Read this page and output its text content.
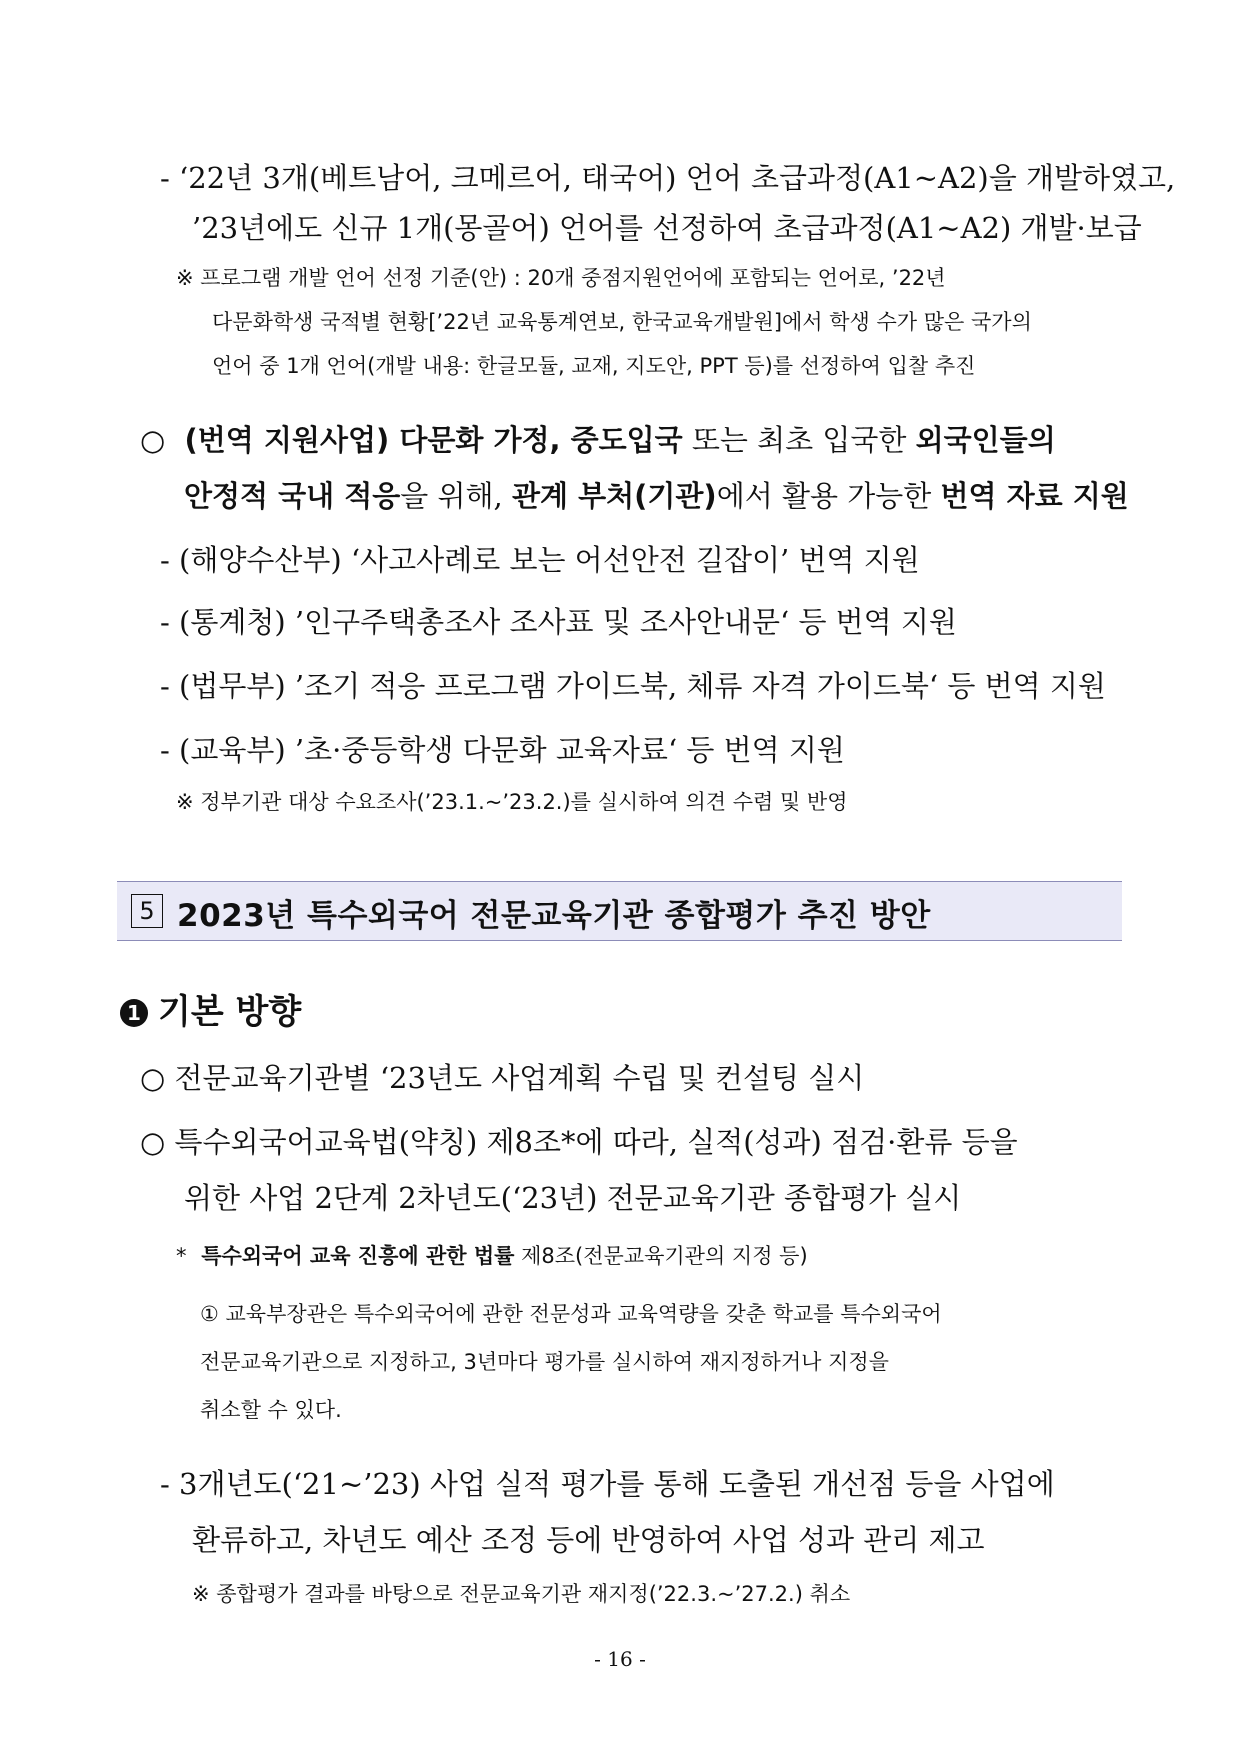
- ‘22년 3개(베트남어, 크메르어, 태국어) 언어 초급과정(A1~A2)을 개발하였고,
’23년에도 신규 1개(몽골어) 언어를 선정하여 초급과정(A1~A2) 개발·보급
※ 프로그램 개발 언어 선정 기준(안) : 20개 중점지원언어에 포함되는 언어로, ’22년
다문화학생 국적별 현황[’22년 교육통계연보, 한국교육개발원]에서 학생 수가 많은 국가의
언어 중 1개 언어(개발 내용: 한글모듈, 교재, 지도안, PPT 등)를 선정하여 입찰 추진
○ (번역 지원사업) 다문화 가정, 중도입국 또는 최초 입국한 외국인들의
안정적 국내 적응을 위해, 관계 부처(기관)에서 활용 가능한 번역 자료 지원
- (해양수산부) ‘사고사례로 보는 어선안전 길잡이’ 번역 지원
- (통계청) ’인구주택총조사 조사표 및 조사안내문‘ 등 번역 지원
- (법무부) ’조기 적응 프로그램 가이드북, 체류 자격 가이드북‘ 등 번역 지원
- (교육부) ’초·중등학생 다문화 교육자료‘ 등 번역 지원
※ 정부기관 대상 수요조사(’23.1.~’23.2.)를 실시하여 의견 수렴 및 반영
5 2023년 특수외국어 전문교육기관 종합평가 추진 방안
1 기본 방향
○ 전문교육기관별 ‘23년도 사업계획 수립 및 컨설팅 실시
○ 특수외국어교육법(약칭) 제8조*에 따라, 실적(성과) 점검·환류 등을
위한 사업 2단계 2차년도(‘23년) 전문교육기관 종합평가 실시
* 특수외국어 교육 진흥에 관한 법률 제8조(전문교육기관의 지정 등)
① 교육부장관은 특수외국어에 관한 전문성과 교육역량을 갖춘 학교를 특수외국어
전문교육기관으로 지정하고, 3년마다 평가를 실시하여 재지정하거나 지정을
취소할 수 있다.
- 3개년도(‘21~’23) 사업 실적 평가를 통해 도출된 개선점 등을 사업에
환류하고, 차년도 예산 조정 등에 반영하여 사업 성과 관리 제고
※ 종합평가 결과를 바탕으로 전문교육기관 재지정(’22.3.~’27.2.) 취소
- 16 -
